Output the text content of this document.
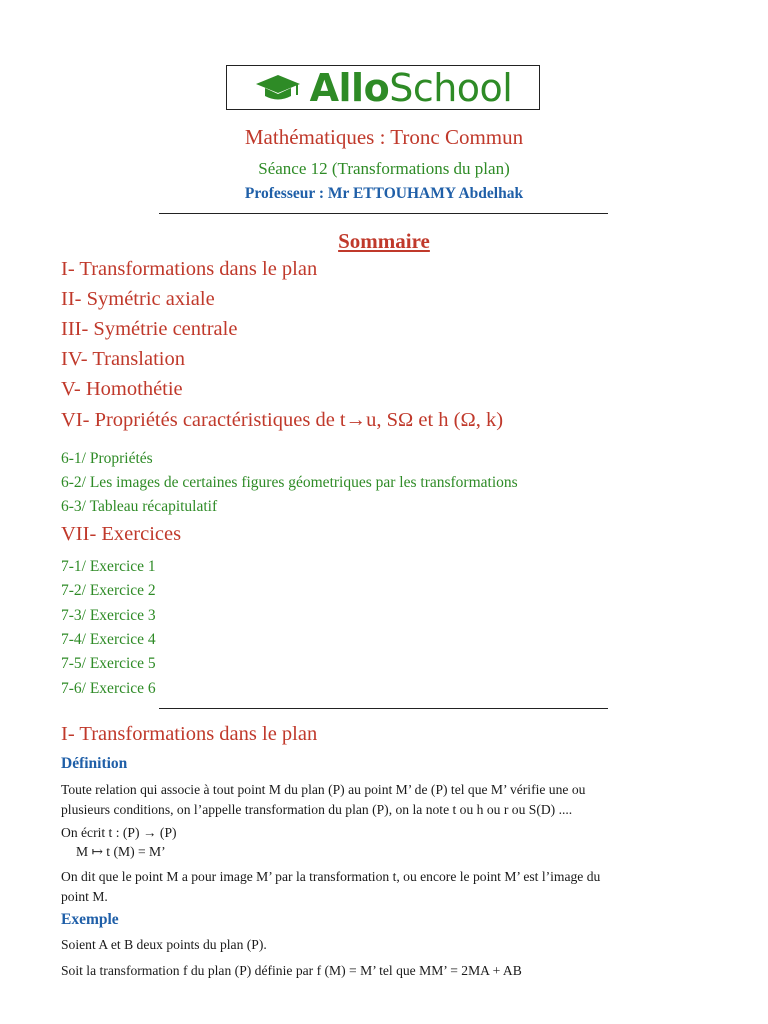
AlloSchool
Mathématiques : Tronc Commun
Séance 12 (Transformations du plan)
Professeur : Mr ETTOUHAMY Abdelhak
Sommaire
I- Transformations dans le plan
II- Symétric axiale
III- Symétrie centrale
IV- Translation
V- Homothétie
VI- Propriétés caractéristiques de t→u, SΩ et h (Ω, k)
6-1/ Propriétés
6-2/ Les images de certaines figures géometriques par les transformations
6-3/ Tableau récapitulatif
VII- Exercices
7-1/ Exercice 1
7-2/ Exercice 2
7-3/ Exercice 3
7-4/ Exercice 4
7-5/ Exercice 5
7-6/ Exercice 6
I- Transformations dans le plan
Définition
Toute relation qui associe à tout point M du plan (P) au point M’ de (P) tel que M’ vérifie une ou
plusieurs conditions, on l’appelle transformation du plan (P), on la note t ou h ou r ou S(D) ....
On écrit t : (P) → (P)
M ↦ t (M) = M’
On dit que le point M a pour image M’ par la transformation t, ou encore le point M’ est l’image du
point M.
Exemple
Soient A et B deux points du plan (P).
Soit la transformation f du plan (P) définie par f (M) = M’ tel que MM’ = 2MA + AB
